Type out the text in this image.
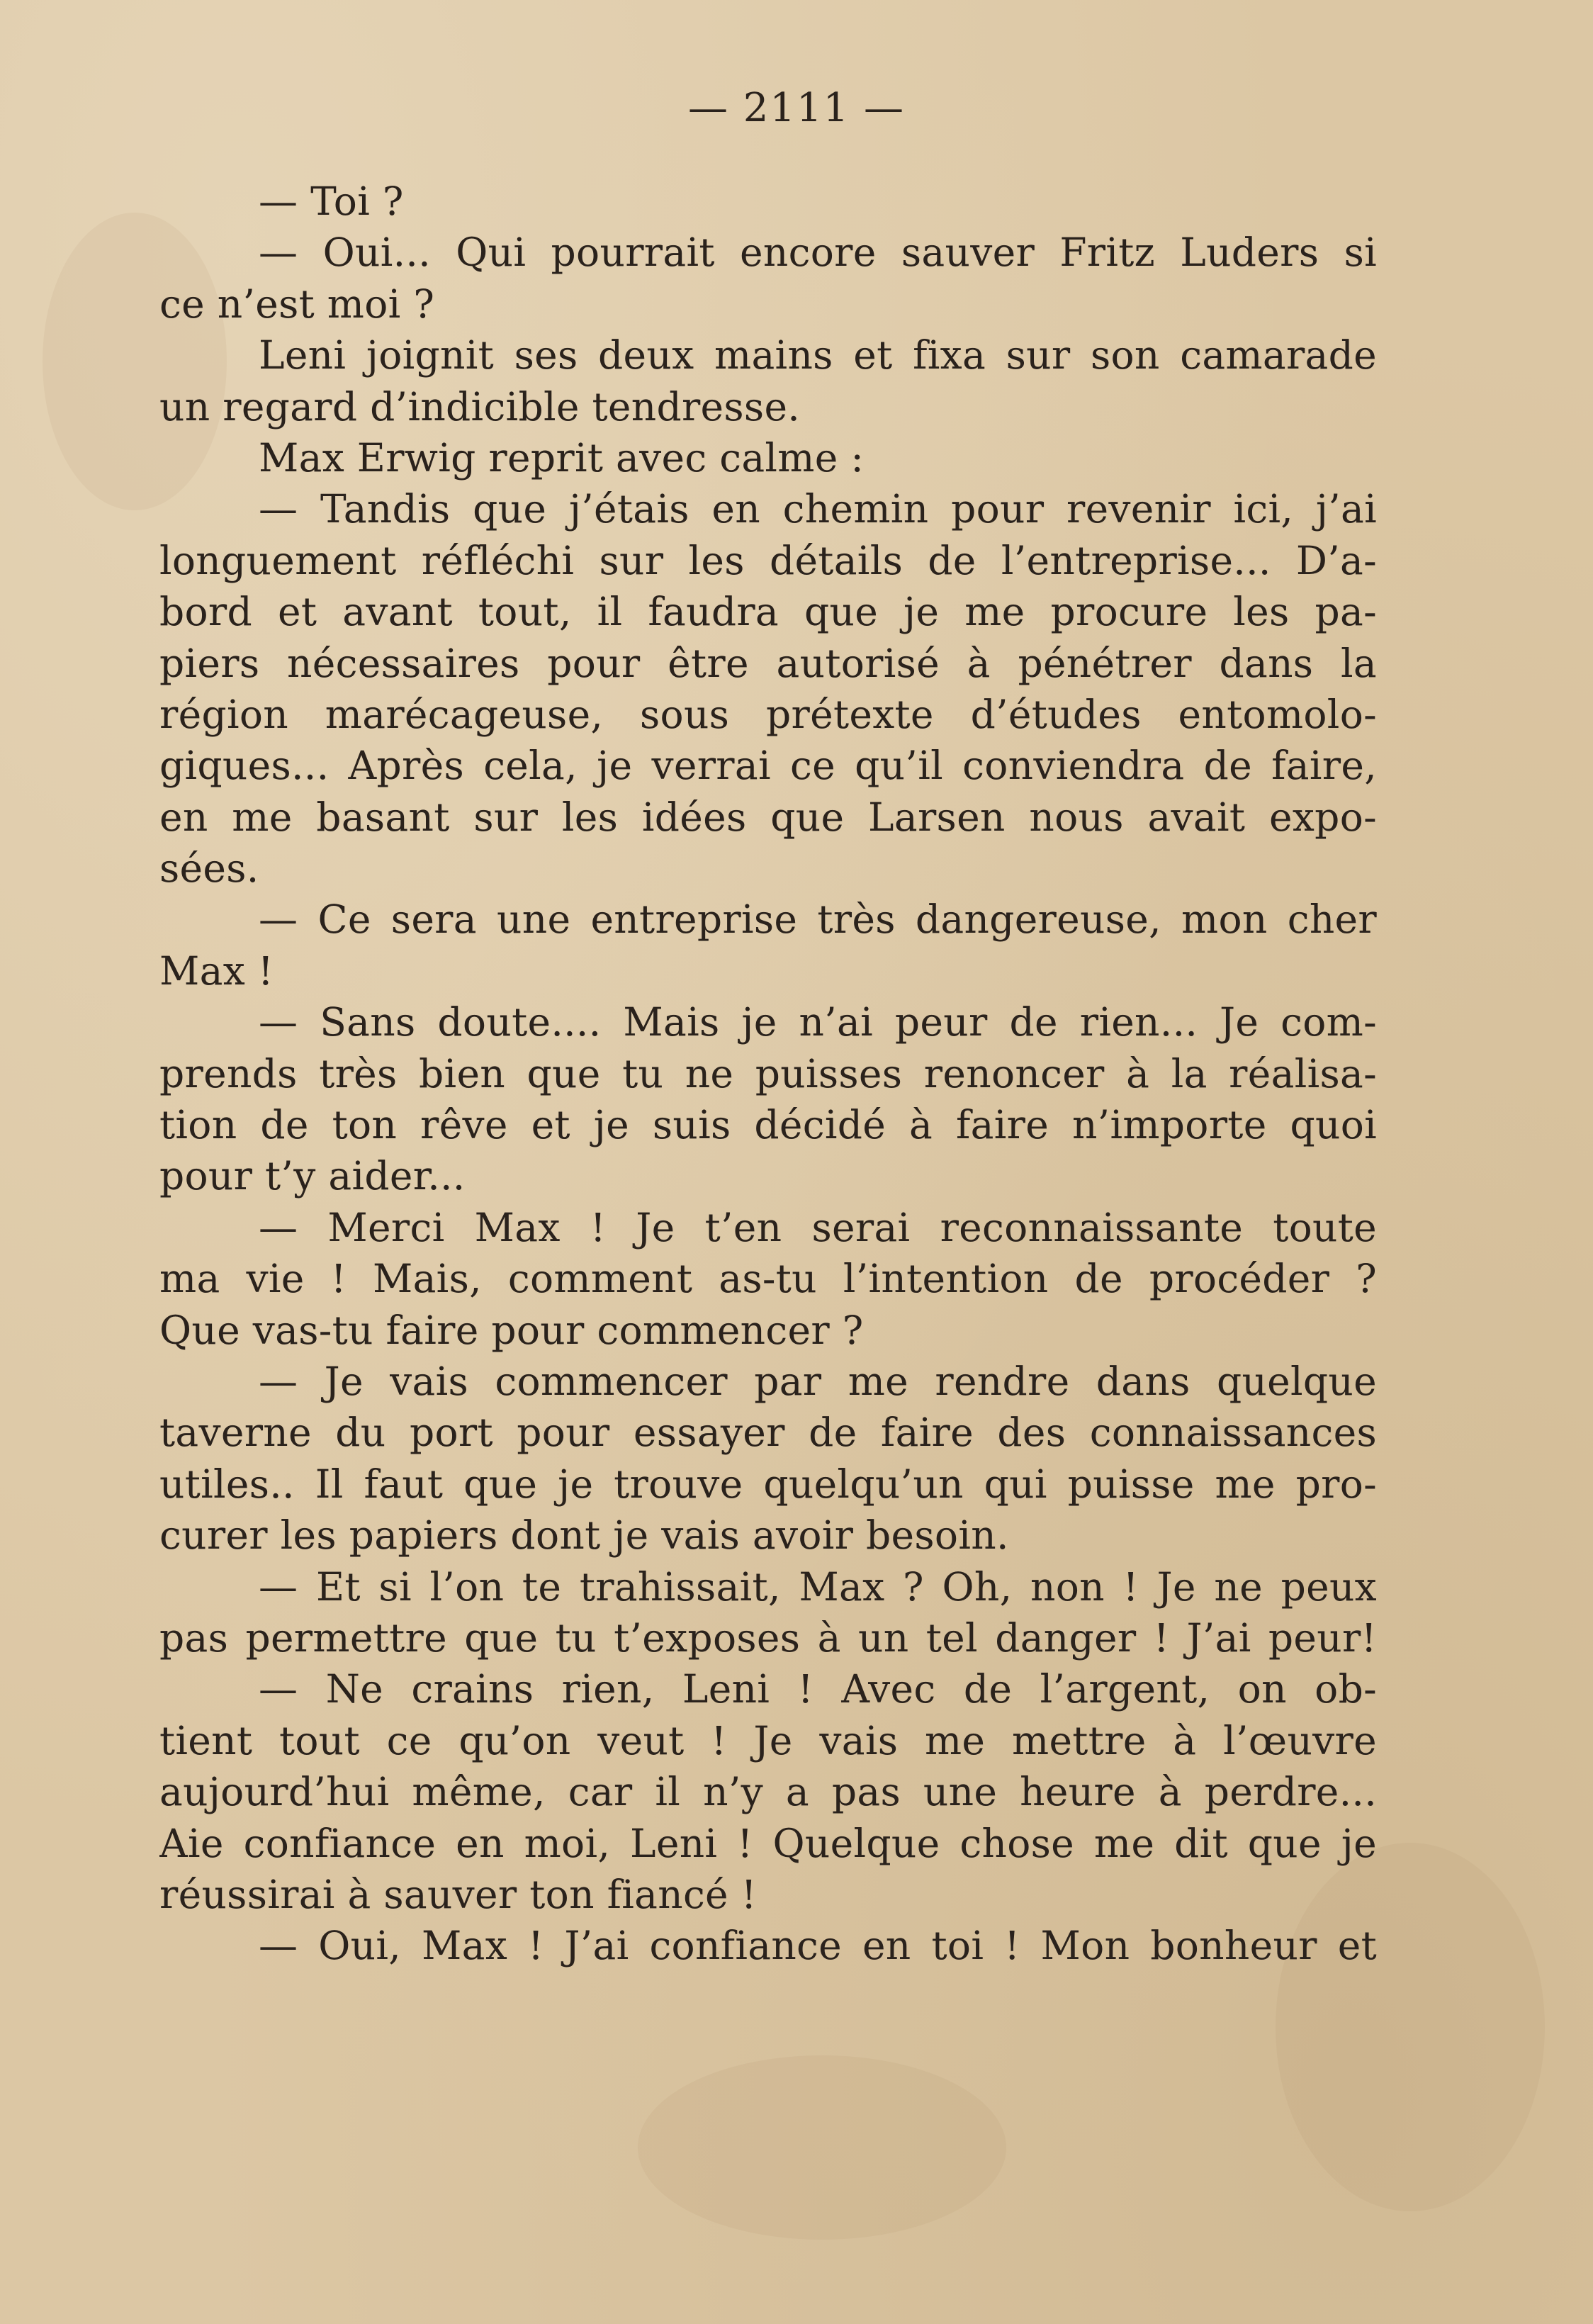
— 2111 —
— Toi ?
— Oui... Qui pourrait encore sauver Fritz Luders si
ce n’est moi ?
Leni joignit ses deux mains et fixa sur son camarade
un regard d’indicible tendresse.
Max Erwig reprit avec calme :
— Tandis que j’étais en chemin pour revenir ici, j’ai
longuement réfléchi sur les détails de l’entreprise... D’a-
bord et avant tout, il faudra que je me procure les pa-
piers nécessaires pour être autorisé à pénétrer dans la
région marécageuse, sous prétexte d’études entomolo-
giques... Après cela, je verrai ce qu’il conviendra de faire,
en me basant sur les idées que Larsen nous avait expo-
sées.
— Ce sera une entreprise très dangereuse, mon cher
Max !
— Sans doute.... Mais je n’ai peur de rien... Je com-
prends très bien que tu ne puisses renoncer à la réalisa-
tion de ton rêve et je suis décidé à faire n’importe quoi
pour t’y aider...
— Merci Max ! Je t’en serai reconnaissante toute
ma vie ! Mais, comment as-tu l’intention de procéder ?
Que vas-tu faire pour commencer ?
— Je vais commencer par me rendre dans quelque
taverne du port pour essayer de faire des connaissances
utiles.. Il faut que je trouve quelqu’un qui puisse me pro-
curer les papiers dont je vais avoir besoin.
— Et si l’on te trahissait, Max ? Oh, non ! Je ne peux
pas permettre que tu t’exposes à un tel danger ! J’ai peur!
— Ne crains rien, Leni ! Avec de l’argent, on ob-
tient tout ce qu’on veut ! Je vais me mettre à l’œuvre
aujourd’hui même, car il n’y a pas une heure à perdre...
Aie confiance en moi, Leni ! Quelque chose me dit que je
réussirai à sauver ton fiancé !
— Oui, Max ! J’ai confiance en toi ! Mon bonheur et
